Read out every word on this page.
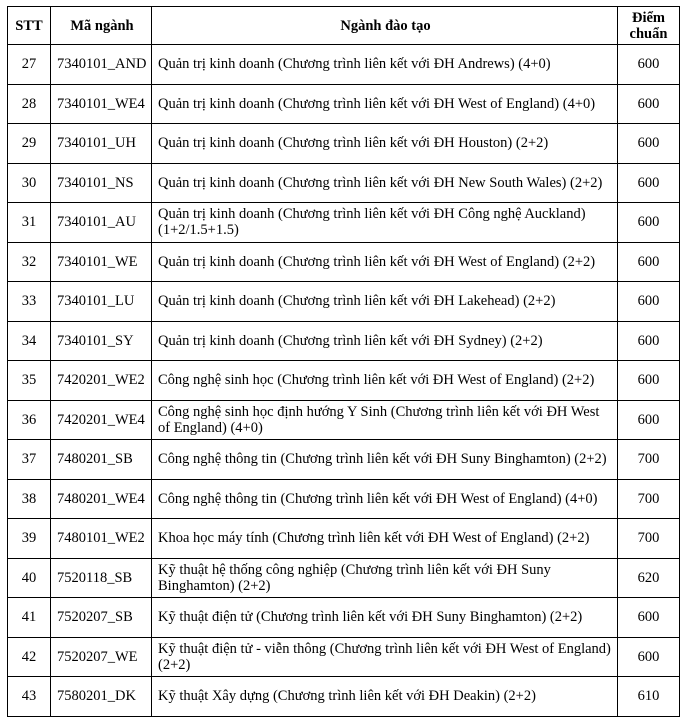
STT	Mã ngành	Ngành đào tạo	Điểm chuẩn
27	7340101_AND	Quản trị kinh doanh (Chương trình liên kết với ĐH Andrews) (4+0)	600
28	7340101_WE4	Quản trị kinh doanh (Chương trình liên kết với ĐH West of England) (4+0)	600
29	7340101_UH	Quản trị kinh doanh (Chương trình liên kết với ĐH Houston) (2+2)	600
30	7340101_NS	Quản trị kinh doanh (Chương trình liên kết với ĐH New South Wales) (2+2)	600
31	7340101_AU	Quản trị kinh doanh (Chương trình liên kết với ĐH Công nghệ Auckland) (1+2/1.5+1.5)	600
32	7340101_WE	Quản trị kinh doanh (Chương trình liên kết với ĐH West of England) (2+2)	600
33	7340101_LU	Quản trị kinh doanh (Chương trình liên kết với ĐH Lakehead) (2+2)	600
34	7340101_SY	Quản trị kinh doanh (Chương trình liên kết với ĐH Sydney) (2+2)	600
35	7420201_WE2	Công nghệ sinh học (Chương trình liên kết với ĐH West of England) (2+2)	600
36	7420201_WE4	Công nghệ sinh học định hướng Y Sinh (Chương trình liên kết với ĐH West of England) (4+0)	600
37	7480201_SB	Công nghệ thông tin (Chương trình liên kết với ĐH Suny Binghamton) (2+2)	700
38	7480201_WE4	Công nghệ thông tin (Chương trình liên kết với ĐH West of England) (4+0)	700
39	7480101_WE2	Khoa học máy tính (Chương trình liên kết với ĐH West of England) (2+2)	700
40	7520118_SB	Kỹ thuật hệ thống công nghiệp (Chương trình liên kết với ĐH Suny Binghamton) (2+2)	620
41	7520207_SB	Kỹ thuật điện tử (Chương trình liên kết với ĐH Suny Binghamton) (2+2)	600
42	7520207_WE	Kỹ thuật điện tử - viễn thông (Chương trình liên kết với ĐH West of England) (2+2)	600
43	7580201_DK	Kỹ thuật Xây dựng (Chương trình liên kết với ĐH Deakin) (2+2)	610
